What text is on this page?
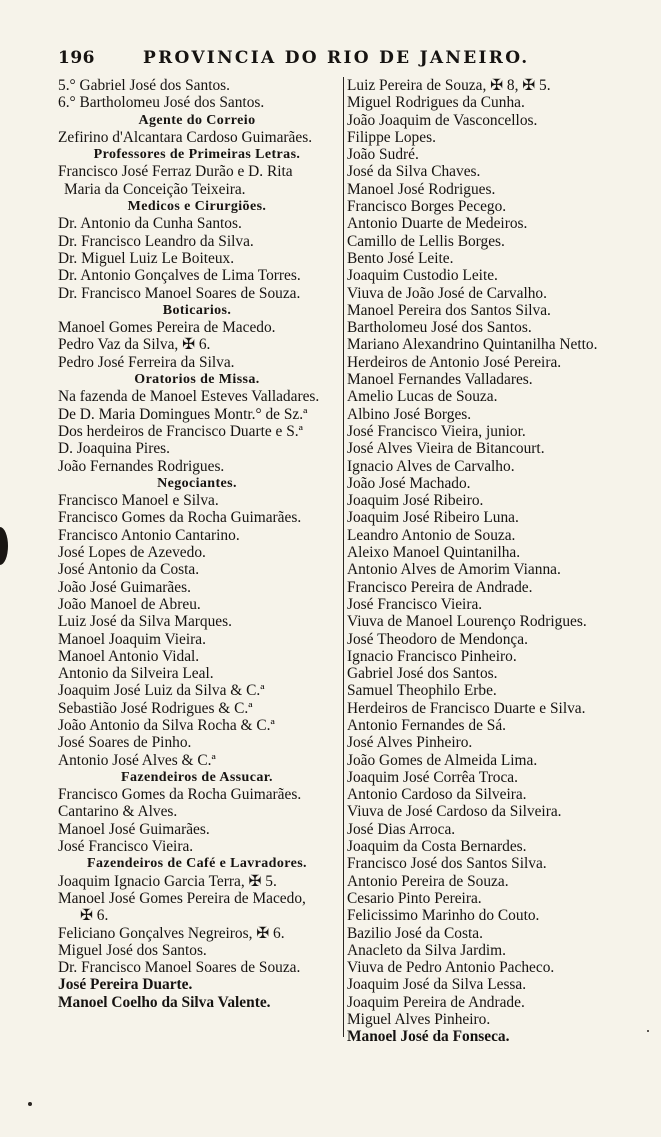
196	PROVINCIA DO RIO DE JANEIRO.
5.° Gabriel José dos Santos.
6.° Bartholomeu José dos Santos.
Agente do Correio
Zefirino d'Alcantara Cardoso Guimarães.
Professores de Primeiras Letras.
Francisco José Ferraz Durão e D. Rita
Maria da Conceição Teixeira.
Medicos e Cirurgiões.
Dr. Antonio da Cunha Santos.
Dr. Francisco Leandro da Silva.
Dr. Miguel Luiz Le Boiteux.
Dr. Antonio Gonçalves de Lima Torres.
Dr. Francisco Manoel Soares de Souza.
Boticarios.
Manoel Gomes Pereira de Macedo.
Pedro Vaz da Silva, ✠ 6.
Pedro José Ferreira da Silva.
Oratorios de Missa.
Na fazenda de Manoel Esteves Valladares.
De D. Maria Domingues Montr.° de Sz.ª
Dos herdeiros de Francisco Duarte e S.ª
D. Joaquina Pires.
João Fernandes Rodrigues.
Negociantes.
Francisco Manoel e Silva.
Francisco Gomes da Rocha Guimarães.
Francisco Antonio Cantarino.
José Lopes de Azevedo.
José Antonio da Costa.
João José Guimarães.
João Manoel de Abreu.
Luiz José da Silva Marques.
Manoel Joaquim Vieira.
Manoel Antonio Vidal.
Antonio da Silveira Leal.
Joaquim José Luiz da Silva & C.ª
Sebastião José Rodrigues & C.ª
João Antonio da Silva Rocha & C.ª
José Soares de Pinho.
Antonio José Alves & C.ª
Fazendeiros de Assucar.
Francisco Gomes da Rocha Guimarães.
Cantarino & Alves.
Manoel José Guimarães.
José Francisco Vieira.
Fazendeiros de Café e Lavradores.
Joaquim Ignacio Garcia Terra, ✠ 5.
Manoel José Gomes Pereira de Macedo,
✠ 6.
Feliciano Gonçalves Negreiros, ✠ 6.
Miguel José dos Santos.
Dr. Francisco Manoel Soares de Souza.
José Pereira Duarte.
Manoel Coelho da Silva Valente.
Luiz Pereira de Souza, ✠ 8, ✠ 5.
Miguel Rodrigues da Cunha.
João Joaquim de Vasconcellos.
Filippe Lopes.
João Sudré.
José da Silva Chaves.
Manoel José Rodrigues.
Francisco Borges Pecego.
Antonio Duarte de Medeiros.
Camillo de Lellis Borges.
Bento José Leite.
Joaquim Custodio Leite.
Viuva de João José de Carvalho.
Manoel Pereira dos Santos Silva.
Bartholomeu José dos Santos.
Mariano Alexandrino Quintanilha Netto.
Herdeiros de Antonio José Pereira.
Manoel Fernandes Valladares.
Amelio Lucas de Souza.
Albino José Borges.
José Francisco Vieira, junior.
José Alves Vieira de Bitancourt.
Ignacio Alves de Carvalho.
João José Machado.
Joaquim José Ribeiro.
Joaquim José Ribeiro Luna.
Leandro Antonio de Souza.
Aleixo Manoel Quintanilha.
Antonio Alves de Amorim Vianna.
Francisco Pereira de Andrade.
José Francisco Vieira.
Viuva de Manoel Lourenço Rodrigues.
José Theodoro de Mendonça.
Ignacio Francisco Pinheiro.
Gabriel José dos Santos.
Samuel Theophilo Erbe.
Herdeiros de Francisco Duarte e Silva.
Antonio Fernandes de Sá.
José Alves Pinheiro.
João Gomes de Almeida Lima.
Joaquim José Corrêa Troca.
Antonio Cardoso da Silveira.
Viuva de José Cardoso da Silveira.
José Dias Arroca.
Joaquim da Costa Bernardes.
Francisco José dos Santos Silva.
Antonio Pereira de Souza.
Cesario Pinto Pereira.
Felicissimo Marinho do Couto.
Bazilio José da Costa.
Anacleto da Silva Jardim.
Viuva de Pedro Antonio Pacheco.
Joaquim José da Silva Lessa.
Joaquim Pereira de Andrade.
Miguel Alves Pinheiro.
Manoel José da Fonseca.
